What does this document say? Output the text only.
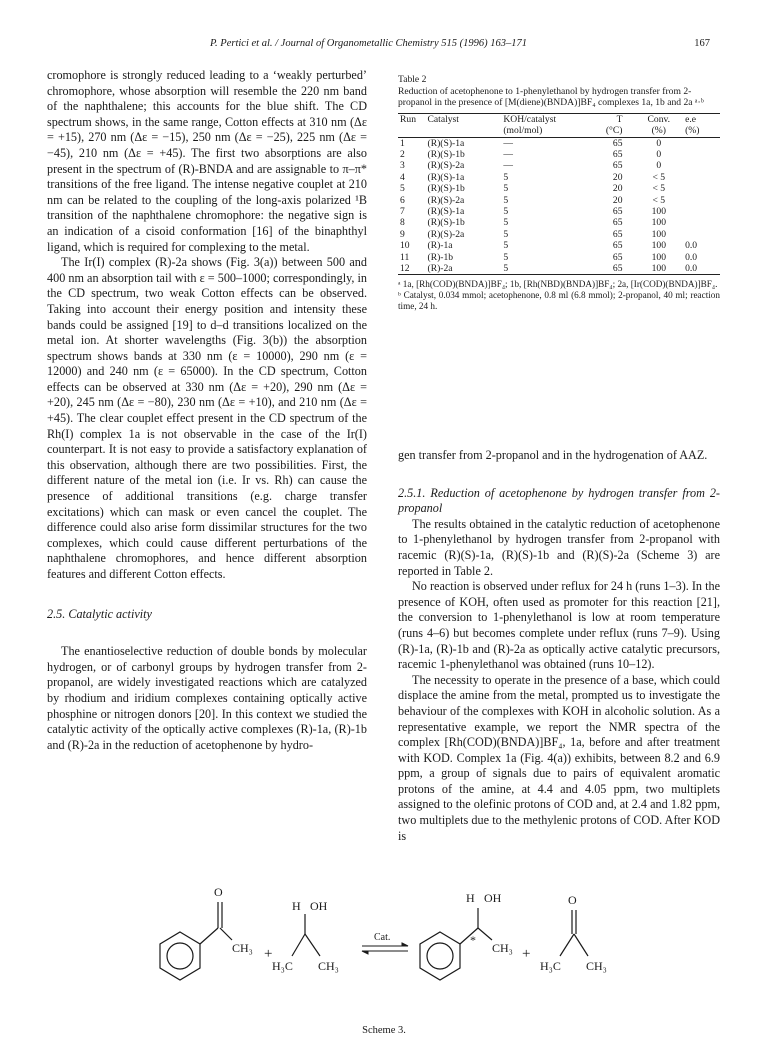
P. Pertici et al. / Journal of Organometallic Chemistry 515 (1996) 163–171	167

cromophore is strongly reduced leading to a ‘weakly perturbed’ chromophore, whose absorption will resemble the 220 nm band of the naphthalene; this accounts for the blue shift. The CD spectrum shows, in the same range, Cotton effects at 310 nm (Δε = +15), 270 nm (Δε = −15), 250 nm (Δε = −25), 225 nm (Δε = −45), 210 nm (Δε = +45). The first two absorptions are also present in the spectrum of (R)-BNDA and are assignable to π–π* transitions of the free ligand. The intense negative couplet at 210 nm can be related to the coupling of the long-axis polarized ¹B transition of the naphthalene chromophore: the negative sign is an indication of a cisoid conformation [16] of the binaphthyl ligand, which is required for complexing to the metal.

The Ir(I) complex (R)-2a shows (Fig. 3(a)) between 500 and 400 nm an absorption tail with ε = 500–1000; correspondingly, in the CD spectrum, two weak Cotton effects can be observed. Taking into account their energy position and intensity these bands could be assigned [19] to d–d transitions localized on the metal ion. At shorter wavelengths (Fig. 3(b)) the absorption spectrum shows bands at 330 nm (ε = 10000), 290 nm (ε = 12000) and 240 nm (ε = 65000). In the CD spectrum, Cotton effects can be observed at 330 nm (Δε = +20), 290 nm (Δε = +20), 245 nm (Δε = −80), 230 nm (Δε = +10), and 210 nm (Δε = +45). The clear couplet effect present in the CD spectrum of the Rh(I) complex 1a is not observable in the case of the Ir(I) counterpart. It is not easy to provide a satisfactory explanation of this observation, although there are two possibilities. First, the different nature of the metal ion (i.e. Ir vs. Rh) can cause the presence of additional transitions (e.g. charge transfer excitations) which can mask or even cancel the couplet. The difference could also arise form dissimilar structures for the two complexes, which could cause different perturbations of the naphthalene chromophores, and hence different absorption features and different Cotton effects.

2.5. Catalytic activity

The enantioselective reduction of double bonds by molecular hydrogen, or of carbonyl groups by hydrogen transfer from 2-propanol, are widely investigated reactions which are catalyzed by rhodium and iridium complexes containing optically active phosphine or nitrogen donors [20]. In this context we studied the catalytic activity of the optically active complexes (R)-1a, (R)-1b and (R)-2a in the reduction of acetophenone by hydro-

Table 2

Reduction of acetophenone to 1-phenylethanol by hydrogen transfer from 2-propanol in the presence of [M(diene)(BNDA)]BF₄ complexes 1a, 1b and 2a ᵃ·ᵇ

Run	Catalyst	KOH/catalyst	T	Conv.	e.e
		(mol/mol)	(°C)	(%)	(%)
1	(R)(S)-1a	—	65	0	
2	(R)(S)-1b	—	65	0	
3	(R)(S)-2a	—	65	0	
4	(R)(S)-1a	5	20	< 5	
5	(R)(S)-1b	5	20	< 5	
6	(R)(S)-2a	5	20	< 5	
7	(R)(S)-1a	5	65	100	
8	(R)(S)-1b	5	65	100	
9	(R)(S)-2a	5	65	100	
10	(R)-1a	5	65	100	0.0
11	(R)-1b	5	65	100	0.0
12	(R)-2a	5	65	100	0.0

ᵃ 1a, [Rh(COD)(BNDA)]BF₄; 1b, [Rh(NBD)(BNDA)]BF₄; 2a, [Ir(COD)(BNDA)]BF₄.

ᵇ Catalyst, 0.034 mmol; acetophenone, 0.8 ml (6.8 mmol); 2-propanol, 40 ml; reaction time, 24 h.

gen transfer from 2-propanol and in the hydrogenation of AAZ.

2.5.1. Reduction of acetophenone by hydrogen transfer from 2-propanol

The results obtained in the catalytic reduction of acetophenone to 1-phenylethanol by hydrogen transfer from 2-propanol with racemic (R)(S)-1a, (R)(S)-1b and (R)(S)-2a (Scheme 3) are reported in Table 2.

No reaction is observed under reflux for 24 h (runs 1–3). In the presence of KOH, often used as promoter for this reaction [21], the conversion to 1-phenylethanol is low at room temperature (runs 4–6) but becomes complete under reflux (runs 7–9). Using (R)-1a, (R)-1b and (R)-2a as optically active catalytic precursors, racemic 1-phenylethanol was obtained (runs 10–12).

The necessity to operate in the presence of a base, which could displace the amine from the metal, prompted us to investigate the behaviour of the complexes with KOH in alcoholic solution. As a representative example, we report the NMR spectra of the complex [Rh(COD)(BNDA)]BF₄, 1a, before and after treatment with KOD. Complex 1a (Fig. 4(a)) exhibits, between 8.2 and 6.9 ppm, a group of signals due to pairs of equivalent aromatic protons of the amine, at 4.4 and 4.05 ppm, two multiplets assigned to the olefinic protons of COD and, at 2.4 and 1.82 ppm, two multiplets due to the methylenic protons of COD. After KOD is

O
CH₃ +
H OH
H₃C CH₃
Cat.
H OH
*
CH₃ +
O
H₃C CH₃
Scheme 3.
